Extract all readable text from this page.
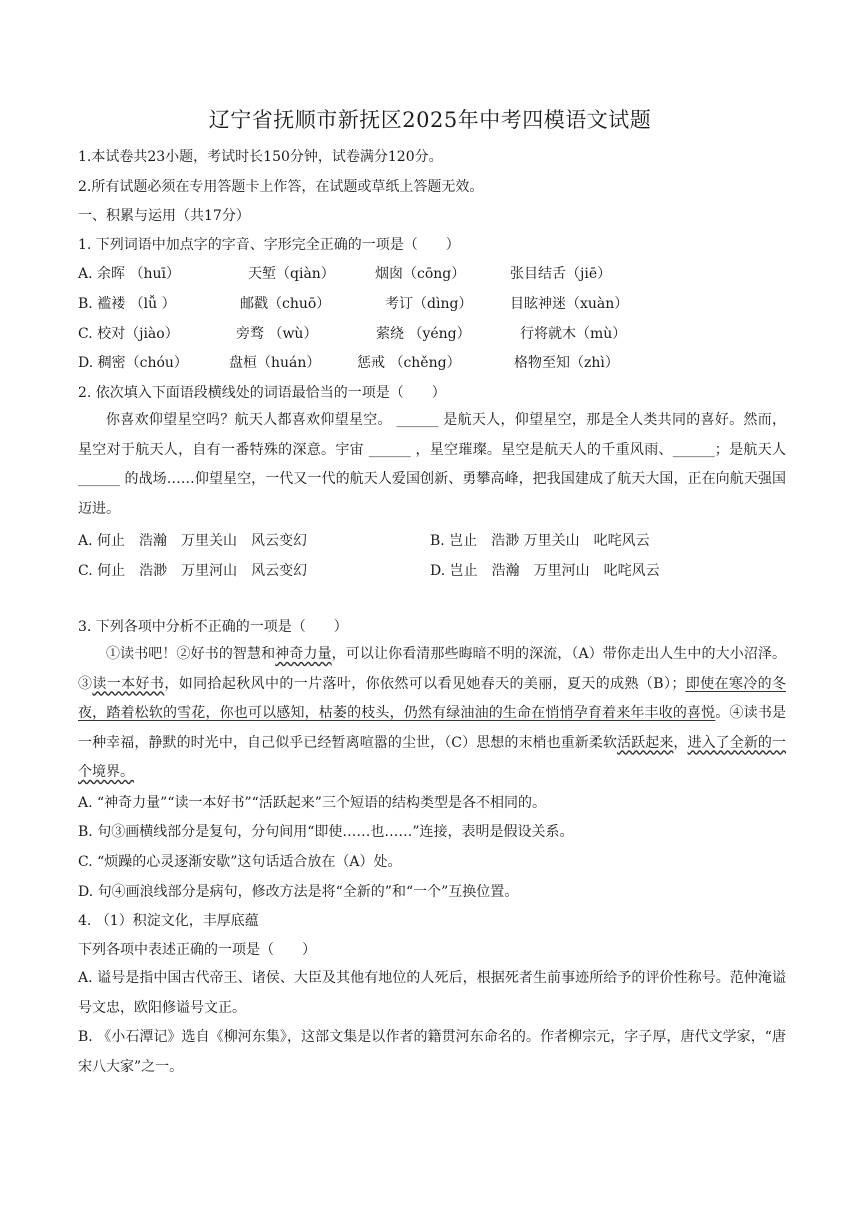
辽宁省抚顺市新抚区2025年中考四模语文试题
1.本试卷共23小题，考试时长150分钟，试卷满分120分。
2.所有试题必须在专用答题卡上作答，在试题或草纸上答题无效。
一、积累与运用（共17分）
1. 下列词语中加点字的字音、字形完全正确的一项是（　　）
A. 余晖 （huī）	天堑（qiàn）	烟囱（cōng）	张目结舌（jiē）
B. 褴褛 （lǚ ）	邮戳（chuō）	考订（dìng）	目眩神迷（xuàn）
C. 校对（jiào）	旁骛 （wù）	萦绕 （yéng）	行将就木（mù）
D. 稠密（chóu）	盘桓（huán）	惩戒 （chěng）	格物至知（zhì）
2. 依次填入下面语段横线处的词语最恰当的一项是（　　）
你喜欢仰望星空吗？航天人都喜欢仰望星空。 ______ 是航天人，仰望星空，那是全人类共同的喜好。然而，星空对于航天人，自有一番特殊的深意。宇宙 ______ ，星空璀璨。星空是航天人的千重风雨、______；是航天人 ______ 的战场……仰望星空，一代又一代的航天人爱国创新、勇攀高峰，把我国建成了航天大国，正在向航天强国迈进。
A. 何止　浩瀚　万里关山　风云变幻	B. 岂止　浩渺 万里关山　叱咤风云
C. 何止　浩渺　万里河山　风云变幻	D. 岂止　浩瀚　万里河山　叱咤风云
3. 下列各项中分析不正确的一项是（　　）
①读书吧！②好书的智慧和神奇力量，可以让你看清那些晦暗不明的深流，（A）带你走出人生中的大小沼泽。③读一本好书，如同拾起秋风中的一片落叶，你依然可以看见她春天的美丽，夏天的成熟（B）；即使在寒冷的冬夜，踏着松软的雪花，你也可以感知，枯萎的枝头，仍然有绿油油的生命在悄悄孕育着来年丰收的喜悦。④读书是一种幸福，静默的时光中，自己似乎已经暂离喧嚣的尘世，（C）思想的末梢也重新柔软活跃起来，进入了全新的一个境界。
A. “神奇力量”“读一本好书”“活跃起来”三个短语的结构类型是各不相同的。
B. 句③画横线部分是复句，分句间用“即使……也……”连接，表明是假设关系。
C. “烦躁的心灵逐渐安歇”这句话适合放在（A）处。
D. 句④画浪线部分是病句，修改方法是将“全新的”和“一个”互换位置。
4. （1）积淀文化，丰厚底蕴
下列各项中表述正确的一项是（　　）
A. 谥号是指中国古代帝王、诸侯、大臣及其他有地位的人死后，根据死者生前事迹所给予的评价性称号。范仲淹谥号文忠，欧阳修谥号文正。
B. 《小石潭记》选自《柳河东集》，这部文集是以作者的籍贯河东命名的。作者柳宗元，字子厚，唐代文学家，“唐宋八大家”之一。
